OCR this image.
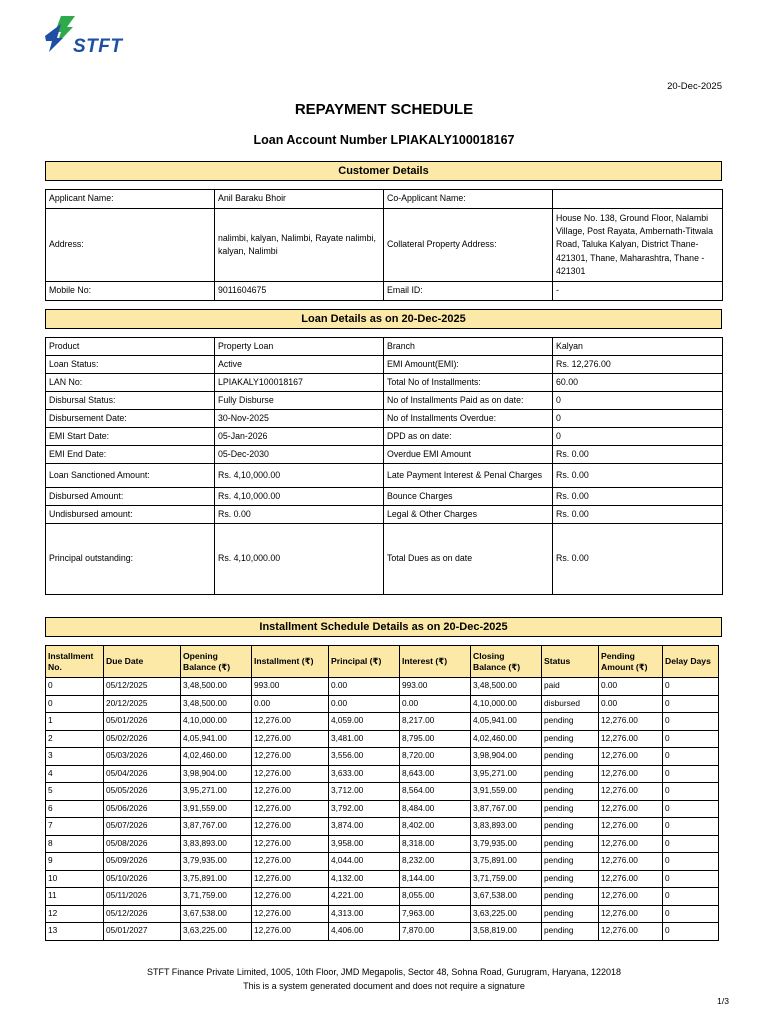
STFT
20-Dec-2025
REPAYMENT SCHEDULE
Loan Account Number LPIAKALY100018167
Customer Details
Applicant Name:	Anil Baraku Bhoir	Co-Applicant Name:	
Address:	nalimbi, kalyan, Nalimbi, Rayate nalimbi, kalyan, Nalimbi	Collateral Property Address:	House No. 138, Ground Floor, Nalambi Village, Post Rayata, Ambernath-Titwala Road, Taluka Kalyan, District Thane-421301, Thane, Maharashtra, Thane - 421301
Mobile No:	9011604675	Email ID:	-
Loan Details as on 20-Dec-2025
Product	Property Loan	Branch	Kalyan
Loan Status:	Active	EMI Amount(EMI):	Rs. 12,276.00
LAN No:	LPIAKALY100018167	Total No of Installments:	60.00
Disbursal Status:	Fully Disburse	No of Installments Paid as on date:	0
Disbursement Date:	30-Nov-2025	No of Installments Overdue:	0
EMI Start Date:	05-Jan-2026	DPD as on date:	0
EMI End Date:	05-Dec-2030	Overdue EMI Amount	Rs. 0.00
Loan Sanctioned Amount:	Rs. 4,10,000.00	Late Payment Interest & Penal Charges	Rs. 0.00
Disbursed Amount:	Rs. 4,10,000.00	Bounce Charges	Rs. 0.00
Undisbursed amount:	Rs. 0.00	Legal & Other Charges	Rs. 0.00
Principal outstanding:	Rs. 4,10,000.00	Total Dues as on date	Rs. 0.00
Installment Schedule Details as on 20-Dec-2025
Installment No.	Due Date	Opening Balance (₹)	Installment (₹)	Principal (₹)	Interest (₹)	Closing Balance (₹)	Status	Pending Amount (₹)	Delay Days
0	05/12/2025	3,48,500.00	993.00	0.00	993.00	3,48,500.00	paid	0.00	0
0	20/12/2025	3,48,500.00	0.00	0.00	0.00	4,10,000.00	disbursed	0.00	0
1	05/01/2026	4,10,000.00	12,276.00	4,059.00	8,217.00	4,05,941.00	pending	12,276.00	0
2	05/02/2026	4,05,941.00	12,276.00	3,481.00	8,795.00	4,02,460.00	pending	12,276.00	0
3	05/03/2026	4,02,460.00	12,276.00	3,556.00	8,720.00	3,98,904.00	pending	12,276.00	0
4	05/04/2026	3,98,904.00	12,276.00	3,633.00	8,643.00	3,95,271.00	pending	12,276.00	0
5	05/05/2026	3,95,271.00	12,276.00	3,712.00	8,564.00	3,91,559.00	pending	12,276.00	0
6	05/06/2026	3,91,559.00	12,276.00	3,792.00	8,484.00	3,87,767.00	pending	12,276.00	0
7	05/07/2026	3,87,767.00	12,276.00	3,874.00	8,402.00	3,83,893.00	pending	12,276.00	0
8	05/08/2026	3,83,893.00	12,276.00	3,958.00	8,318.00	3,79,935.00	pending	12,276.00	0
9	05/09/2026	3,79,935.00	12,276.00	4,044.00	8,232.00	3,75,891.00	pending	12,276.00	0
10	05/10/2026	3,75,891.00	12,276.00	4,132.00	8,144.00	3,71,759.00	pending	12,276.00	0
11	05/11/2026	3,71,759.00	12,276.00	4,221.00	8,055.00	3,67,538.00	pending	12,276.00	0
12	05/12/2026	3,67,538.00	12,276.00	4,313.00	7,963.00	3,63,225.00	pending	12,276.00	0
13	05/01/2027	3,63,225.00	12,276.00	4,406.00	7,870.00	3,58,819.00	pending	12,276.00	0
STFT Finance Private Limited, 1005, 10th Floor, JMD Megapolis, Sector 48, Sohna Road, Gurugram, Haryana, 122018
This is a system generated document and does not require a signature
1/3
